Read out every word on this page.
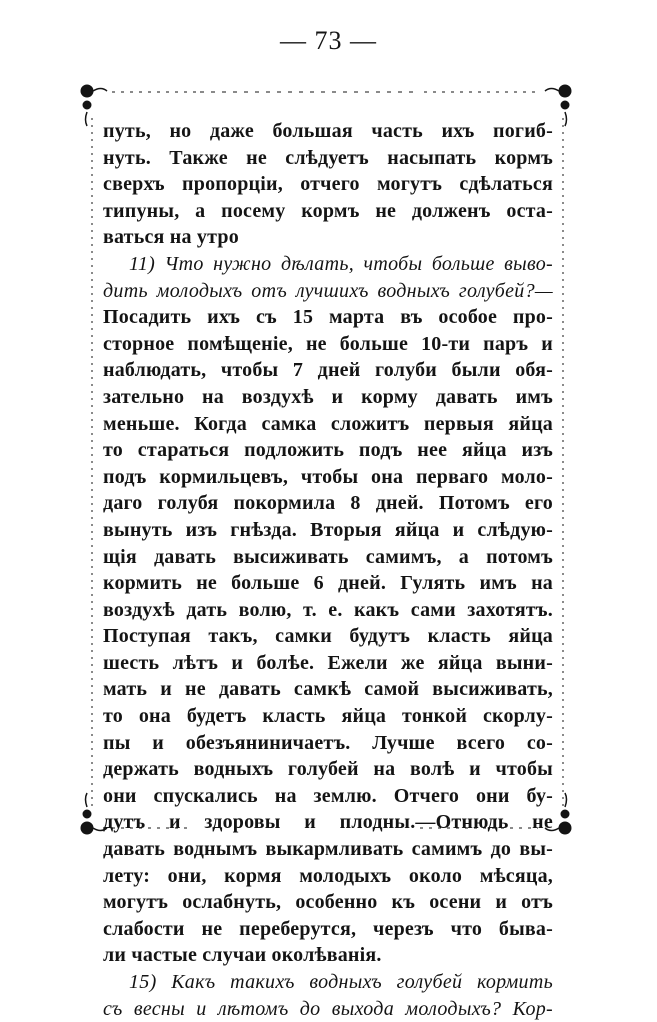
— 73 —
путь, но даже большая часть ихъ погиб-
нуть. Также не слѣдуетъ насыпать кормъ
сверхъ пропорціи, отчего могутъ сдѣлаться
типуны, а посему кормъ не долженъ оста-
ваться на утро
11) Что нужно дѣлать, чтобы больше выво-
дить молодыхъ отъ лучшихъ водныхъ голубей?—
Посадить ихъ съ 15 марта въ особое про-
сторное помѣщеніе, не больше 10-ти паръ и
наблюдать, чтобы 7 дней голуби были обя-
зательно на воздухѣ и корму давать имъ
меньше. Когда самка сложитъ первыя яйца
то стараться подложить подъ нее яйца изъ
подъ кормильцевъ, чтобы она перваго моло-
даго голубя покормила 8 дней. Потомъ его
вынуть изъ гнѣзда. Вторыя яйца и слѣдую-
щія давать высиживать самимъ, а потомъ
кормить не больше 6 дней. Гулять имъ на
воздухѣ дать волю, т. е. какъ сами захотятъ.
Поступая такъ, самки будутъ класть яйца
шесть лѣтъ и болѣе. Ежели же яйца выни-
мать и не давать самкѣ самой высиживать,
то она будетъ класть яйца тонкой скорлу-
пы и обезъяниничаетъ. Лучше всего со-
держать водныхъ голубей на волѣ и чтобы
они спускались на землю. Отчего они бу-
дутъ и здоровы и плодны.—Отнюдь не
давать воднымъ выкармливать самимъ до вы-
лету: они, кормя молодыхъ около мѣсяца,
могутъ ослабнуть, особенно къ осени и отъ
слабости не переберутся, черезъ что быва-
ли частые случаи околѣванія.
15) Какъ такихъ водныхъ голубей кормить
съ весны и лѣтомъ до выхода молодыхъ? Кор-
